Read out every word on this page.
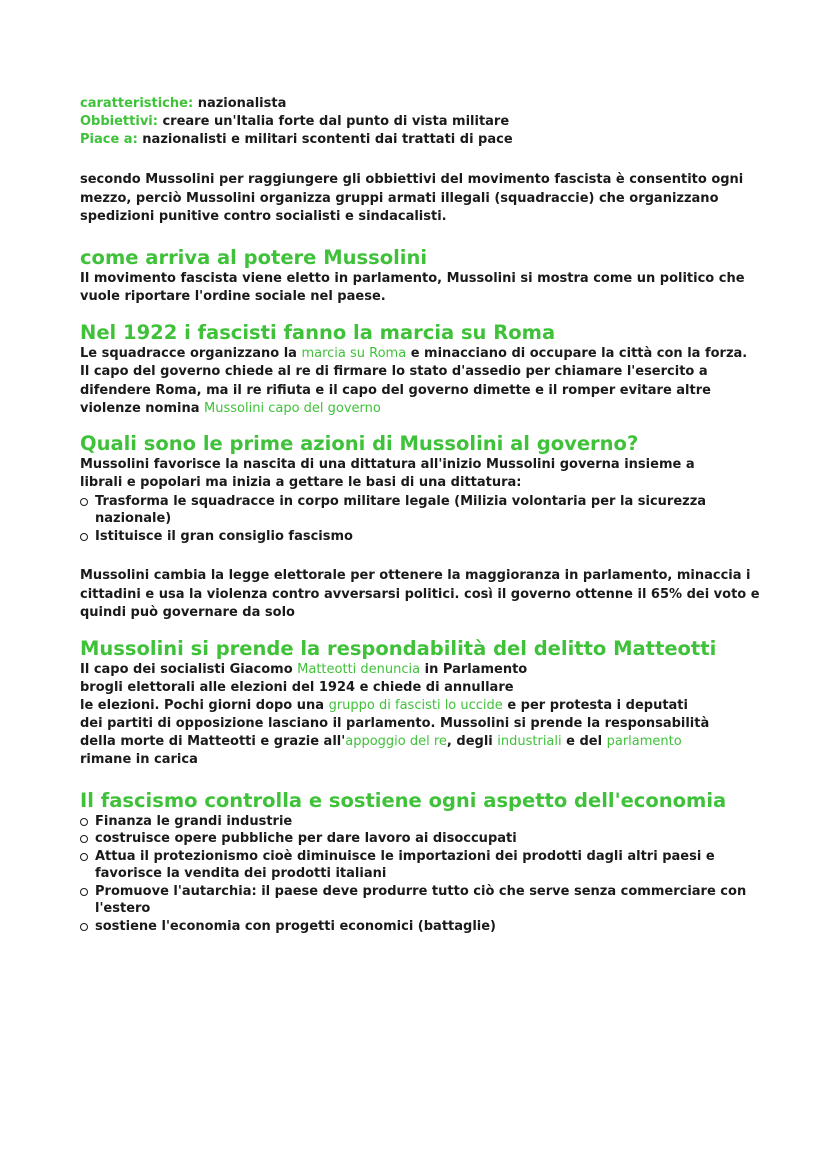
caratteristiche: nazionalista

Obbiettivi: creare un'Italia forte dal punto di vista militare

Piace a: nazionalisti e militari scontenti dai trattati di pace

secondo Mussolini per raggiungere gli obbiettivi del movimento fascista è consentito ogni mezzo, perciò Mussolini organizza gruppi armati illegali (squadraccie) che organizzano spedizioni punitive contro socialisti e sindacalisti.

come arriva al potere Mussolini

Il movimento fascista viene eletto in parlamento, Mussolini si mostra come un politico che vuole riportare l'ordine sociale nel paese.

Nel 1922 i fascisti fanno la marcia su Roma

Le squadracce organizzano la marcia su Roma e minacciano di occupare la città con la forza. Il capo del governo chiede al re di firmare lo stato d'assedio per chiamare l'esercito a difendere Roma, ma il re rifiuta e il capo del governo dimette e il romper evitare altre violenze nomina Mussolini capo del governo

Quali sono le prime azioni di Mussolini al governo?

Mussolini favorisce la nascita di una dittatura all'inizio Mussolini governa insieme a librali e popolari ma inizia a gettare le basi di una dittatura:

Trasforma le squadracce in corpo militare legale (Milizia volontaria per la sicurezza nazionale)
Istituisce il gran consiglio fascismo

Mussolini cambia la legge elettorale per ottenere la maggioranza in parlamento, minaccia i cittadini e usa la violenza contro avversarsi politici. così il governo ottenne il 65% dei voto e quindi può governare da solo

Mussolini si prende la respondabilità del delitto Matteotti

Il capo dei socialisti Giacomo Matteotti denuncia in Parlamento

brogli elettorali alle elezioni del 1924 e chiede di annullare

le elezioni. Pochi giorni dopo una gruppo di fascisti lo uccide e per protesta i deputati

dei partiti di opposizione lasciano il parlamento. Mussolini si prende la responsabilità

della morte di Matteotti e grazie all'appoggio del re, degli industriali e del parlamento

rimane in carica

Il fascismo controlla e sostiene ogni aspetto dell'economia
Finanza le grandi industrie
costruisce opere pubbliche per dare lavoro ai disoccupati
Attua il protezionismo cioè diminuisce le importazioni dei prodotti dagli altri paesi e favorisce la vendita dei prodotti italiani
Promuove l'autarchia: il paese deve produrre tutto ciò che serve senza commerciare con l'estero
sostiene l'economia con progetti economici (battaglie)
